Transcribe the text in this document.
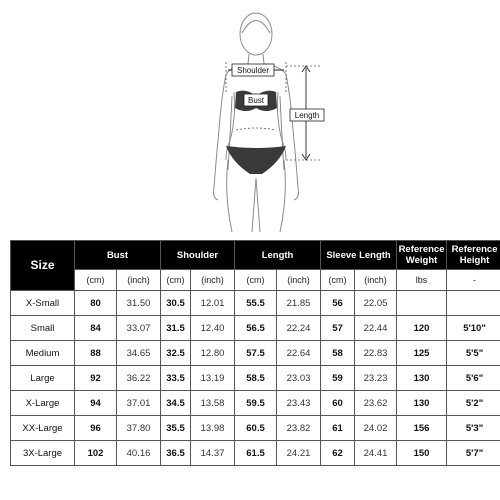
Shoulder
Bust
Length
Size	Bust		Shoulder		Length		Sleeve Length		Reference Weight	Reference Height
	(cm)	(inch)	(cm)	(inch)	(cm)	(inch)	(cm)	(inch)	lbs	-
X-Small	80	31.50	30.5	12.01	55.5	21.85	56	22.05		
Small	84	33.07	31.5	12.40	56.5	22.24	57	22.44	120	5'10"
Medium	88	34.65	32.5	12.80	57.5	22.64	58	22.83	125	5'5"
Large	92	36.22	33.5	13.19	58.5	23.03	59	23.23	130	5'6"
X-Large	94	37.01	34.5	13.58	59.5	23.43	60	23.62	130	5'2"
XX-Large	96	37.80	35.5	13.98	60.5	23.82	61	24.02	156	5'3"
3X-Large	102	40.16	36.5	14.37	61.5	24.21	62	24.41	150	5'7"
